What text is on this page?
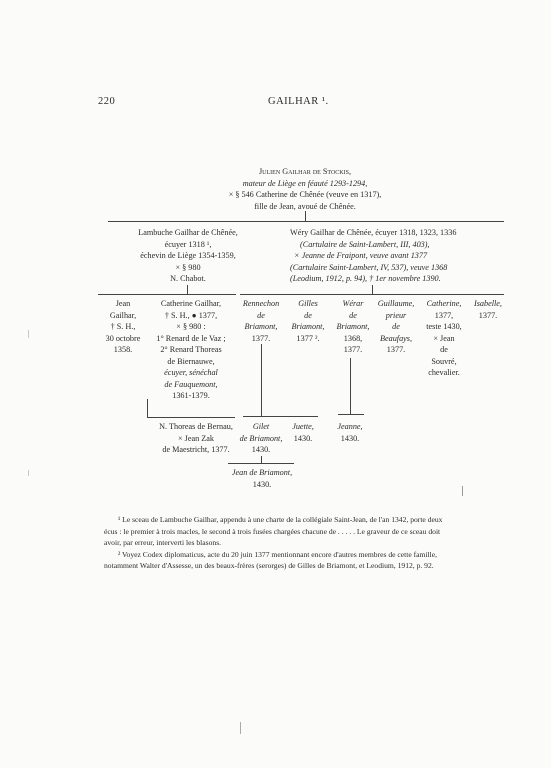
220	GAILHAR ¹.
Julien Gailhar de Stockis,
mateur de Liège en féauté 1293-1294,
× § 546 Catherine de Chênée (veuve en 1317),
fille de Jean, avoué de Chênée.
Lambuche Gailhar de Chênée,
écuyer 1318 ¹,
échevin de Liège 1354-1359,
× § 980
N. Chabot.
Wéry Gailhar de Chênée, écuyer 1318, 1323, 1336
(Cartulaire de Saint-Lambert, III, 403),
× Jeanne de Fraipont, veuve avant 1377
(Cartulaire Saint-Lambert, IV, 537), veuve 1368
(Leodium, 1912, p. 94), † 1er novembre 1390.
Jean
Gailhar,
† S. H.,
30 octobre
1358.
Catherine Gailhar,
† S. H., ● 1377,
× § 980 :
1° Renard de le Vaz ;
2° Renard Thoreas
de Biernauwe,
écuyer, sénéchal
de Fauquemont,
1361-1379.
Rennechon
de
Briamont,
1377.
Gilles
de
Briamont,
1377 ².
Wérar
de
Briamont,
1368,
1377.
Guillaume,
prieur
de
Beaufays,
1377.
Catherine,
1377,
teste 1430,
× Jean
de
Souvré,
chevalier.
Isabelle,
1377.
N. Thoreas de Bernau,
× Jean Zak
de Maestricht, 1377.
Gilet
de Briamont,
1430.
Juette,
1430.
Jeanne,
1430.
Jean de Briamont,
1430.
¹ Le sceau de Lambuche Gailhar, appendu à une charte de la collégiale Saint-Jean, de l'an 1342, porte deux
écus : le premier à trois macles, le second à trois fusées chargées chacune de . . . . . Le graveur de ce sceau doit
avoir, par erreur, interverti les blasons.
² Voyez Codex diplomaticus, acte du 20 juin 1377 mentionnant encore d'autres membres de cette famille,
notamment Walter d'Assesse, un des beaux-frères (serorges) de Gilles de Briamont, et Leodium, 1912, p. 92.
